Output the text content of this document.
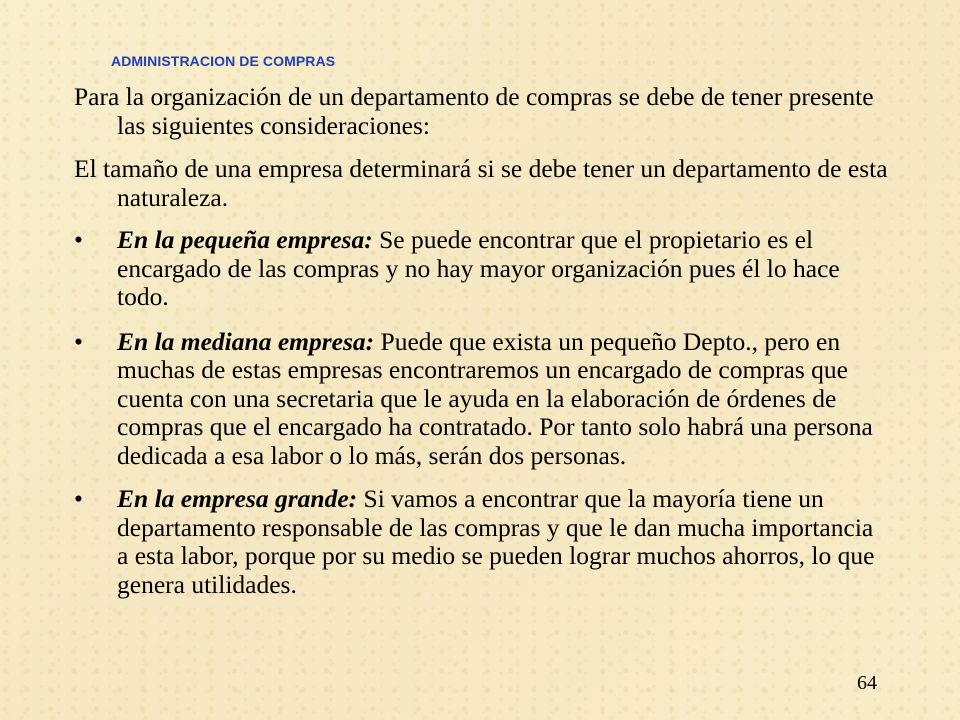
ADMINISTRACION DE COMPRAS

Para la organización de un departamento de compras se debe de tener presente las siguientes consideraciones:

El tamaño de una empresa determinará si se debe tener un departamento de esta naturaleza.

• En la pequeña empresa: Se puede encontrar que el propietario es el encargado de las compras y no hay mayor organización pues él lo hace todo.

• En la mediana empresa: Puede que exista un pequeño Depto., pero en muchas de estas empresas encontraremos un encargado de compras que cuenta con una secretaria que le ayuda en la elaboración de órdenes de compras que el encargado ha contratado. Por tanto solo habrá una persona dedicada a esa labor o lo más, serán dos personas.

• En la empresa grande: Si vamos a encontrar que la mayoría tiene un departamento responsable de las compras y que le dan mucha importancia a esta labor, porque por su medio se pueden lograr muchos ahorros, lo que genera utilidades.

64
